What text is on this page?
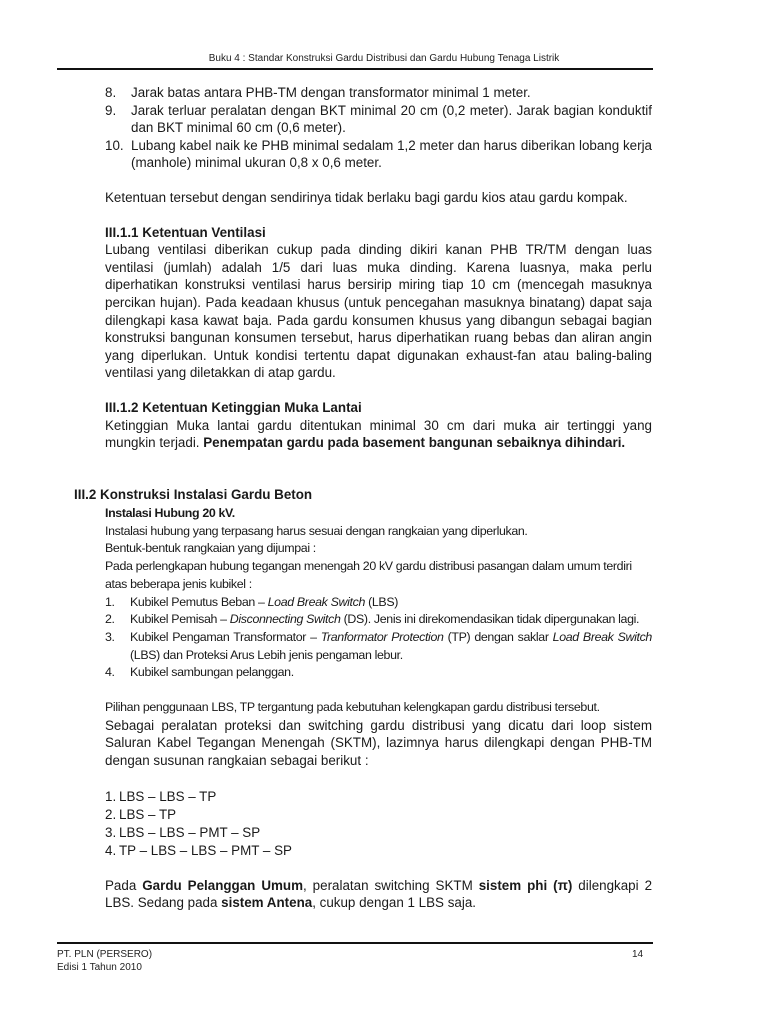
Buku 4 : Standar Konstruksi Gardu Distribusi dan Gardu Hubung Tenaga Listrik
8.	Jarak batas antara PHB-TM dengan transformator minimal 1 meter.
9.	Jarak terluar peralatan dengan BKT minimal 20 cm (0,2 meter). Jarak bagian konduktif dan BKT minimal 60 cm (0,6 meter).
10. Lubang kabel naik ke PHB minimal sedalam 1,2 meter dan harus diberikan lobang kerja (manhole) minimal ukuran 0,8 x 0,6 meter.

Ketentuan tersebut dengan sendirinya tidak berlaku bagi gardu kios atau gardu kompak.

III.1.1 Ketentuan Ventilasi

Lubang ventilasi diberikan cukup pada dinding dikiri kanan PHB TR/TM dengan luas ventilasi (jumlah) adalah 1/5 dari luas muka dinding. Karena luasnya, maka perlu diperhatikan konstruksi ventilasi harus bersirip miring tiap 10 cm (mencegah masuknya percikan hujan). Pada keadaan khusus (untuk pencegahan masuknya binatang) dapat saja dilengkapi kasa kawat baja. Pada gardu konsumen khusus yang dibangun sebagai bagian konstruksi bangunan konsumen tersebut, harus diperhatikan ruang bebas dan aliran angin yang diperlukan. Untuk kondisi tertentu dapat digunakan exhaust-fan atau baling-baling ventilasi yang diletakkan di atap gardu.

III.1.2 Ketentuan Ketinggian Muka Lantai

Ketinggian Muka lantai gardu ditentukan minimal 30 cm dari muka air tertinggi yang mungkin terjadi. Penempatan gardu pada basement bangunan sebaiknya dihindari.

III.2 Konstruksi Instalasi Gardu Beton

Instalasi Hubung 20 kV.

Instalasi hubung yang terpasang harus sesuai dengan rangkaian yang diperlukan.

Bentuk-bentuk rangkaian yang dijumpai :

Pada perlengkapan hubung tegangan menengah 20 kV gardu distribusi pasangan dalam umum terdiri atas beberapa jenis kubikel :

1.	Kubikel Pemutus Beban – Load Break Switch (LBS)
2.	Kubikel Pemisah – Disconnecting Switch (DS). Jenis ini direkomendasikan tidak dipergunakan lagi.
3.	Kubikel Pengaman Transformator – Tranformator Protection (TP) dengan saklar Load Break Switch (LBS) dan Proteksi Arus Lebih jenis pengaman lebur.
4.	Kubikel sambungan pelanggan.

Pilihan penggunaan LBS, TP tergantung pada kebutuhan kelengkapan gardu distribusi tersebut.

Sebagai peralatan proteksi dan switching gardu distribusi yang dicatu dari loop sistem Saluran Kabel Tegangan Menengah (SKTM), lazimnya harus dilengkapi dengan PHB-TM dengan susunan rangkaian sebagai berikut :

1. LBS – LBS – TP
2. LBS – TP
3. LBS – LBS – PMT – SP
4. TP – LBS – LBS – PMT – SP

Pada Gardu Pelanggan Umum, peralatan switching SKTM sistem phi (π) dilengkapi 2 LBS. Sedang pada sistem Antena, cukup dengan 1 LBS saja.

PT. PLN (PERSERO)
Edisi 1 Tahun 2010
14
